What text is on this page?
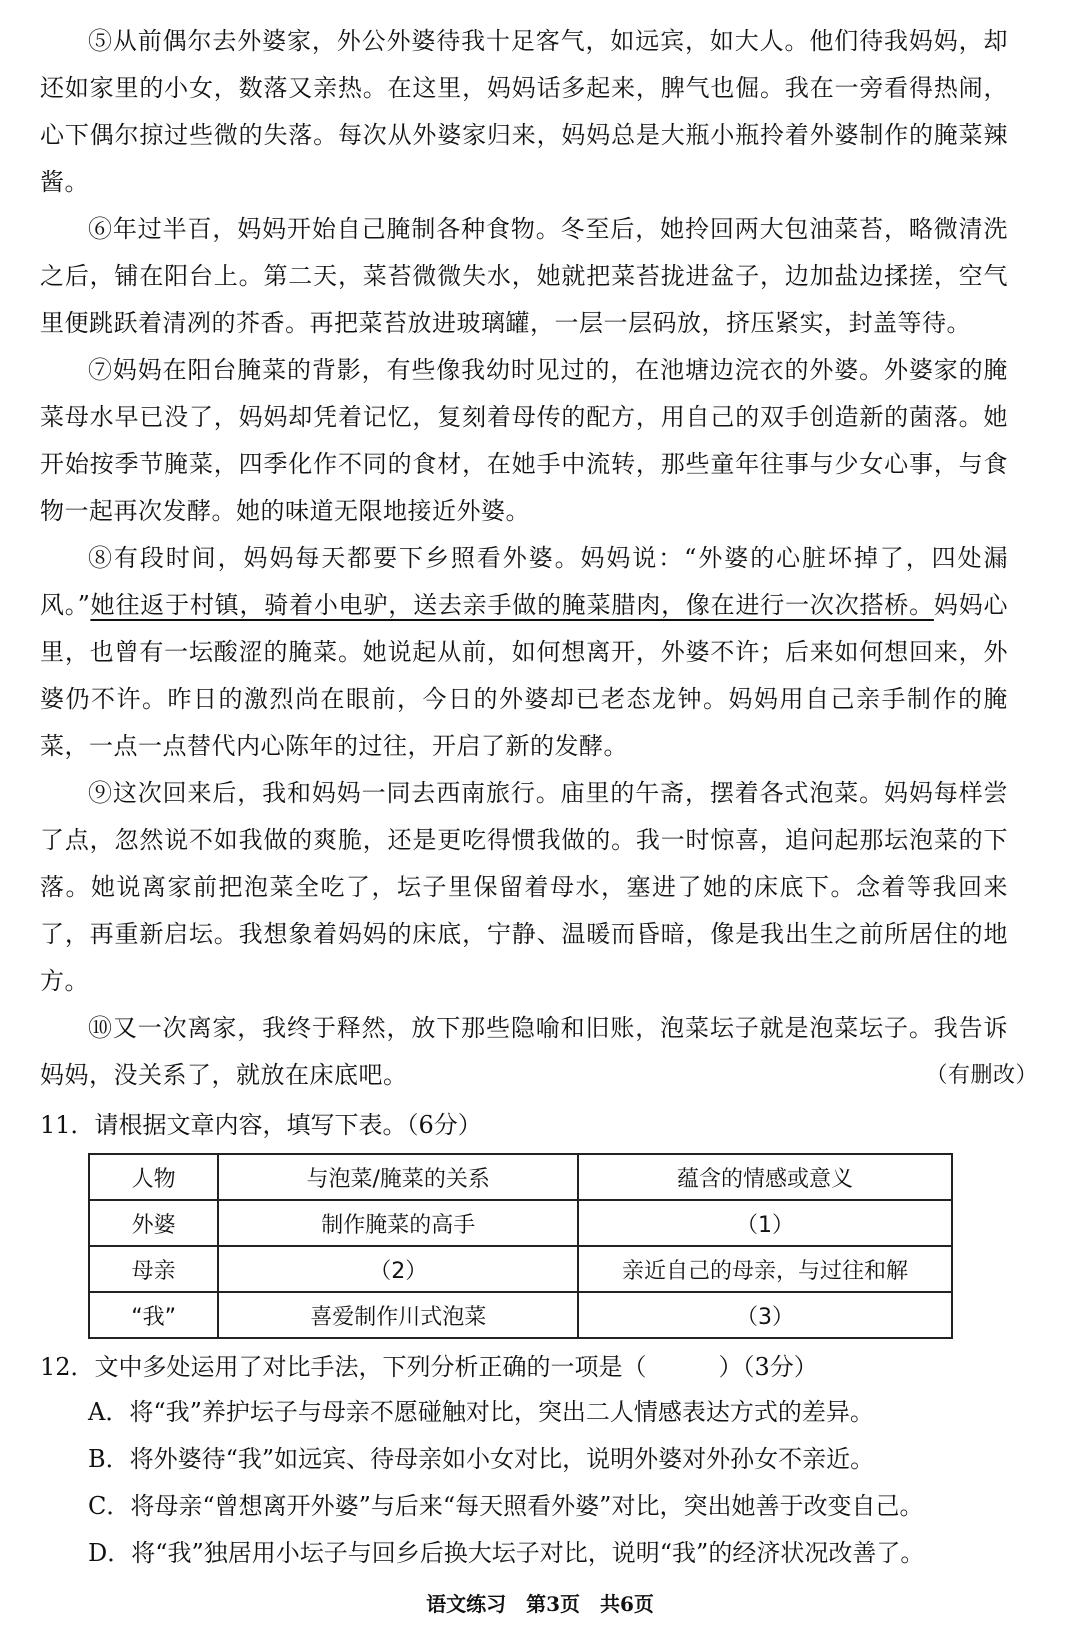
⑤从前偶尔去外婆家，外公外婆待我十足客气，如远宾，如大人。他们待我妈妈，却还如家里的小女，数落又亲热。在这里，妈妈话多起来，脾气也倔。我在一旁看得热闹，心下偶尔掠过些微的失落。每次从外婆家归来，妈妈总是大瓶小瓶拎着外婆制作的腌菜辣酱。

⑥年过半百，妈妈开始自己腌制各种食物。冬至后，她拎回两大包油菜苔，略微清洗之后，铺在阳台上。第二天，菜苔微微失水，她就把菜苔拢进盆子，边加盐边揉搓，空气里便跳跃着清冽的芥香。再把菜苔放进玻璃罐，一层一层码放，挤压紧实，封盖等待。

⑦妈妈在阳台腌菜的背影，有些像我幼时见过的，在池塘边浣衣的外婆。外婆家的腌菜母水早已没了，妈妈却凭着记忆，复刻着母传的配方，用自己的双手创造新的菌落。她开始按季节腌菜，四季化作不同的食材，在她手中流转，那些童年往事与少女心事，与食物一起再次发酵。她的味道无限地接近外婆。

⑧有段时间，妈妈每天都要下乡照看外婆。妈妈说：“外婆的心脏坏掉了，四处漏风。”她往返于村镇，骑着小电驴，送去亲手做的腌菜腊肉，像在进行一次次搭桥。妈妈心里，也曾有一坛酸涩的腌菜。她说起从前，如何想离开，外婆不许；后来如何想回来，外婆仍不许。昨日的激烈尚在眼前，今日的外婆却已老态龙钟。妈妈用自己亲手制作的腌菜，一点一点替代内心陈年的过往，开启了新的发酵。

⑨这次回来后，我和妈妈一同去西南旅行。庙里的午斋，摆着各式泡菜。妈妈每样尝了点，忽然说不如我做的爽脆，还是更吃得惯我做的。我一时惊喜，追问起那坛泡菜的下落。她说离家前把泡菜全吃了，坛子里保留着母水，塞进了她的床底下。念着等我回来了，再重新启坛。我想象着妈妈的床底，宁静、温暖而昏暗，像是我出生之前所居住的地方。

⑩又一次离家，我终于释然，放下那些隐喻和旧账，泡菜坛子就是泡菜坛子。我告诉妈妈，没关系了，就放在床底吧。	（有删改）

11．请根据文章内容，填写下表。（6分）

人物	与泡菜/腌菜的关系	蕴含的情感或意义
外婆	制作腌菜的高手	（1）
母亲	（2）	亲近自己的母亲，与过往和解
“我”	喜爱制作川式泡菜	（3）

12．文中多处运用了对比手法，下列分析正确的一项是（　　　）（3分）

A．将“我”养护坛子与母亲不愿碰触对比，突出二人情感表达方式的差异。

B．将外婆待“我”如远宾、待母亲如小女对比，说明外婆对外孙女不亲近。

C．将母亲“曾想离开外婆”与后来“每天照看外婆”对比，突出她善于改变自己。

D．将“我”独居用小坛子与回乡后换大坛子对比，说明“我”的经济状况改善了。

语文练习　第3页　共6页
